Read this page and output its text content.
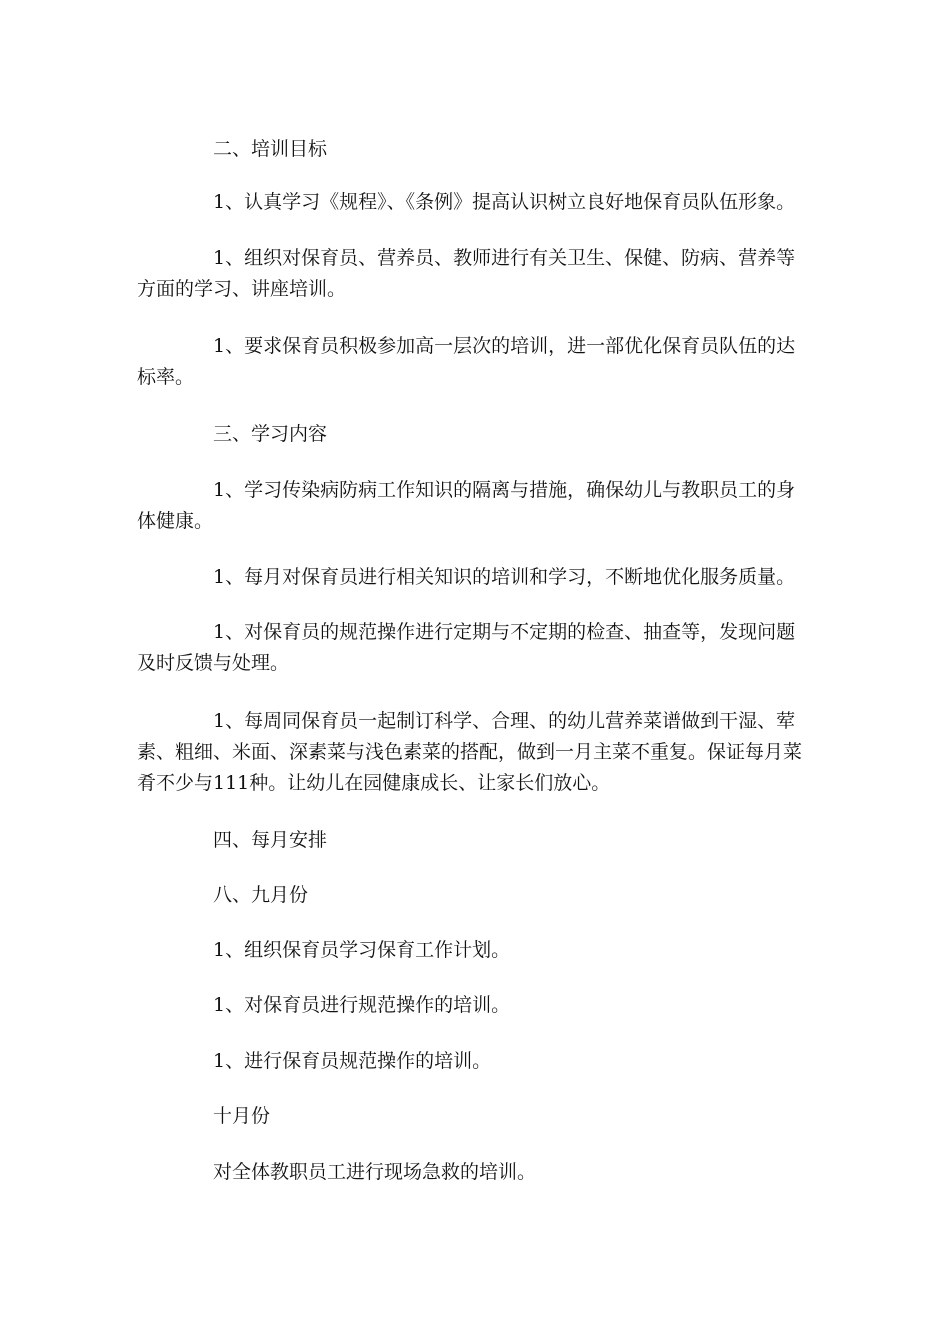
二、培训目标

1、认真学习《规程》、《条例》提高认识树立良好地保育员队伍形象。

1、组织对保育员、营养员、教师进行有关卫生、保健、防病、营养等方面的学习、讲座培训。

1、要求保育员积极参加高一层次的培训，进一部优化保育员队伍的达标率。

三、学习内容

1、学习传染病防病工作知识的隔离与措施，确保幼儿与教职员工的身体健康。

1、每月对保育员进行相关知识的培训和学习，不断地优化服务质量。

1、对保育员的规范操作进行定期与不定期的检查、抽查等，发现问题及时反馈与处理。

1、每周同保育员一起制订科学、合理、的幼儿营养菜谱做到干湿、荤素、粗细、米面、深素菜与浅色素菜的搭配，做到一月主菜不重复。保证每月菜肴不少与111种。让幼儿在园健康成长、让家长们放心。

四、每月安排

八、九月份

1、组织保育员学习保育工作计划。

1、对保育员进行规范操作的培训。

1、进行保育员规范操作的培训。

十月份

对全体教职员工进行现场急救的培训。
